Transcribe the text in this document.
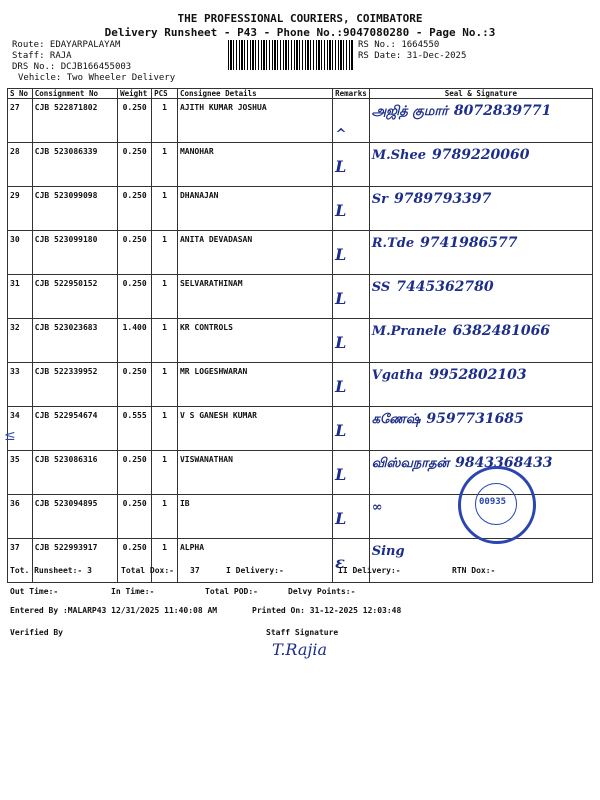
THE PROFESSIONAL COURIERS, COIMBATORE
Delivery Runsheet - P43 - Phone No.:9047080280 - Page No.:3
Route: EDAYARPALAYAM
Staff: RAJA
DRS No.: DCJB166455003
Vehicle: Two Wheeler Delivery
RS No.: 1664550
RS Date: 31-Dec-2025
S No	Consignment No	Weight	PCS	Consignee Details	Remarks	Seal & Signature
27	CJB 522871802	0.250	1	AJITH KUMAR JOSHUA	‸	அஜித் குமார் 8072839771
28	CJB 523086339	0.250	1	MANOHAR	L	M.Shee 9789220060
29	CJB 523099098	0.250	1	DHANAJAN	L	Sr 9789793397
30	CJB 523099180	0.250	1	ANITA DEVADASAN	L	R.Tde 9741986577
31	CJB 522950152	0.250	1	SELVARATHINAM	L	SS 7445362780
32	CJB 523023683	1.400	1	KR CONTROLS	L	M.Pranele 6382481066
33	CJB 522339952	0.250	1	MR LOGESHWARAN	L	Vgatha 9952802103
34	CJB 522954674	0.555	1	V S GANESH KUMAR	L	கணேஷ் 9597731685
35	CJB 523086316	0.250	1	VISWANATHAN	L	விஸ்வநாதன் 9843368433
36	CJB 523094895	0.250	1	IB	L	∞
37	CJB 522993917	0.250	1	ALPHA	ε	Sing
≤
00935
Tot. Runsheet:- 3	Total Dox:- 37	I Delivery:-	II Delivery:-	RTN Dox:-
Out Time:-	In Time:-	Total POD:-	Delvy Points:-
Entered By :MALARP43 12/31/2025 11:40:08 AM	Printed On: 31-12-2025 12:03:48
Verified By	Staff Signature
T.Rajia
